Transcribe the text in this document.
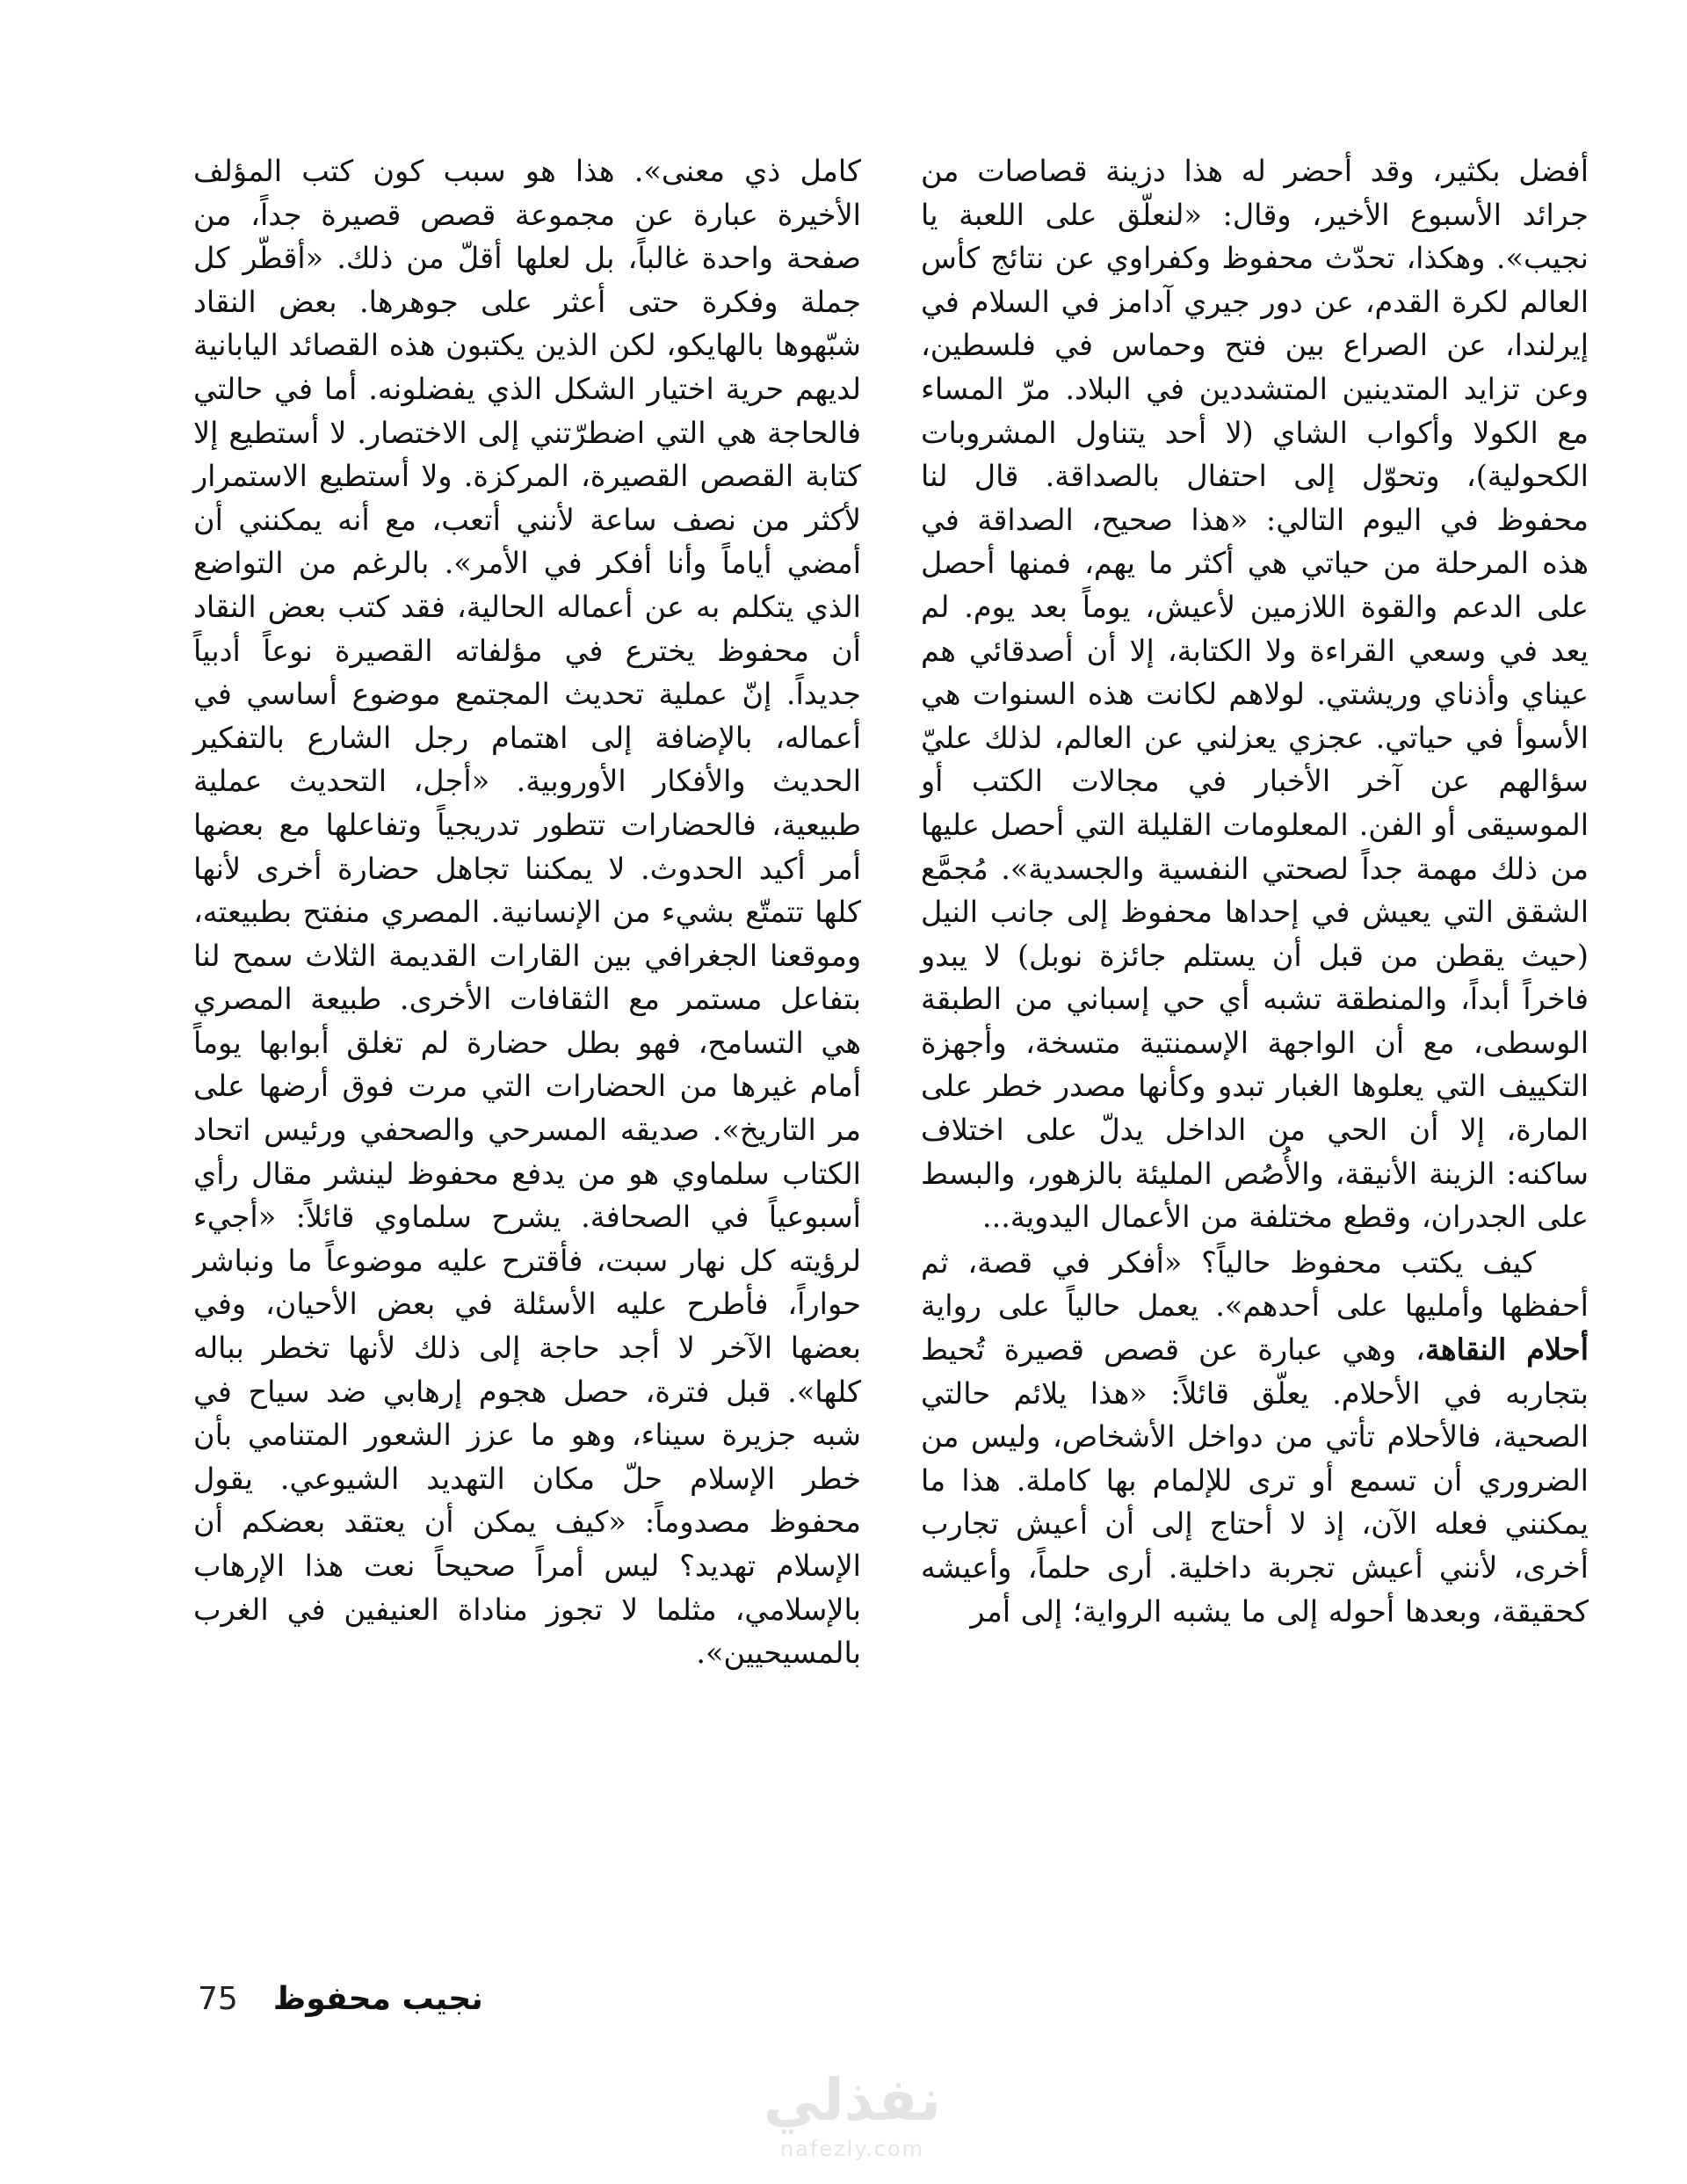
أفضل بكثير، وقد أحضر له هذا دزينة قصاصات من جرائد الأسبوع الأخير، وقال: «لنعلّق على اللعبة يا نجيب». وهكذا، تحدّث محفوظ وكفراوي عن نتائج كأس العالم لكرة القدم، عن دور جيري آدامز في السلام في إيرلندا، عن الصراع بين فتح وحماس في فلسطين، وعن تزايد المتدينين المتشددين في البلاد. مرّ المساء مع الكولا وأكواب الشاي (لا أحد يتناول المشروبات الكحولية)، وتحوّل إلى احتفال بالصداقة. قال لنا محفوظ في اليوم التالي: «هذا صحيح، الصداقة في هذه المرحلة من حياتي هي أكثر ما يهم، فمنها أحصل على الدعم والقوة اللازمين لأعيش، يوماً بعد يوم. لم يعد في وسعي القراءة ولا الكتابة، إلا أن أصدقائي هم عيناي وأذناي وريشتي. لولاهم لكانت هذه السنوات هي الأسوأ في حياتي. عجزي يعزلني عن العالم، لذلك عليّ سؤالهم عن آخر الأخبار في مجالات الكتب أو الموسيقى أو الفن. المعلومات القليلة التي أحصل عليها من ذلك مهمة جداً لصحتي النفسية والجسدية». مُجمَّع الشقق التي يعيش في إحداها محفوظ إلى جانب النيل (حيث يقطن من قبل أن يستلم جائزة نوبل) لا يبدو فاخراً أبداً، والمنطقة تشبه أي حي إسباني من الطبقة الوسطى، مع أن الواجهة الإسمنتية متسخة، وأجهزة التكييف التي يعلوها الغبار تبدو وكأنها مصدر خطر على المارة، إلا أن الحي من الداخل يدلّ على اختلاف ساكنه: الزينة الأنيقة، والأُصُص المليئة بالزهور، والبسط على الجدران، وقطع مختلفة من الأعمال اليدوية...

كيف يكتب محفوظ حالياً؟ «أفكر في قصة، ثم أحفظها وأمليها على أحدهم». يعمل حالياً على رواية أحلام النقاهة، وهي عبارة عن قصص قصيرة تُحيط بتجاربه في الأحلام. يعلّق قائلاً: «هذا يلائم حالتي الصحية، فالأحلام تأتي من دواخل الأشخاص، وليس من الضروري أن تسمع أو ترى للإلمام بها كاملة. هذا ما يمكنني فعله الآن، إذ لا أحتاج إلى أن أعيش تجارب أخرى، لأنني أعيش تجربة داخلية. أرى حلماً، وأعيشه كحقيقة، وبعدها أحوله إلى ما يشبه الرواية؛ إلى أمر

كامل ذي معنى». هذا هو سبب كون كتب المؤلف الأخيرة عبارة عن مجموعة قصص قصيرة جداً، من صفحة واحدة غالباً، بل لعلها أقلّ من ذلك. «أقطّر كل جملة وفكرة حتى أعثر على جوهرها. بعض النقاد شبّهوها بالهايكو، لكن الذين يكتبون هذه القصائد اليابانية لديهم حرية اختيار الشكل الذي يفضلونه. أما في حالتي فالحاجة هي التي اضطرّتني إلى الاختصار. لا أستطيع إلا كتابة القصص القصيرة، المركزة. ولا أستطيع الاستمرار لأكثر من نصف ساعة لأنني أتعب، مع أنه يمكنني أن أمضي أياماً وأنا أفكر في الأمر». بالرغم من التواضع الذي يتكلم به عن أعماله الحالية، فقد كتب بعض النقاد أن محفوظ يخترع في مؤلفاته القصيرة نوعاً أدبياً جديداً. إنّ عملية تحديث المجتمع موضوع أساسي في أعماله، بالإضافة إلى اهتمام رجل الشارع بالتفكير الحديث والأفكار الأوروبية. «أجل، التحديث عملية طبيعية، فالحضارات تتطور تدريجياً وتفاعلها مع بعضها أمر أكيد الحدوث. لا يمكننا تجاهل حضارة أخرى لأنها كلها تتمتّع بشيء من الإنسانية. المصري منفتح بطبيعته، وموقعنا الجغرافي بين القارات القديمة الثلاث سمح لنا بتفاعل مستمر مع الثقافات الأخرى. طبيعة المصري هي التسامح، فهو بطل حضارة لم تغلق أبوابها يوماً أمام غيرها من الحضارات التي مرت فوق أرضها على مر التاريخ». صديقه المسرحي والصحفي ورئيس اتحاد الكتاب سلماوي هو من يدفع محفوظ لينشر مقال رأي أسبوعياً في الصحافة. يشرح سلماوي قائلاً: «أجيء لرؤيته كل نهار سبت، فأقترح عليه موضوعاً ما ونباشر حواراً، فأطرح عليه الأسئلة في بعض الأحيان، وفي بعضها الآخر لا أجد حاجة إلى ذلك لأنها تخطر بباله كلها». قبل فترة، حصل هجوم إرهابي ضد سياح في شبه جزيرة سيناء، وهو ما عزز الشعور المتنامي بأن خطر الإسلام حلّ مكان التهديد الشيوعي. يقول محفوظ مصدوماً: «كيف يمكن أن يعتقد بعضكم أن الإسلام تهديد؟ ليس أمراً صحيحاً نعت هذا الإرهاب بالإسلامي، مثلما لا تجوز مناداة العنيفين في الغرب بالمسيحيين».

75 نجيب محفوظ
نفذلي
nafezly.com
